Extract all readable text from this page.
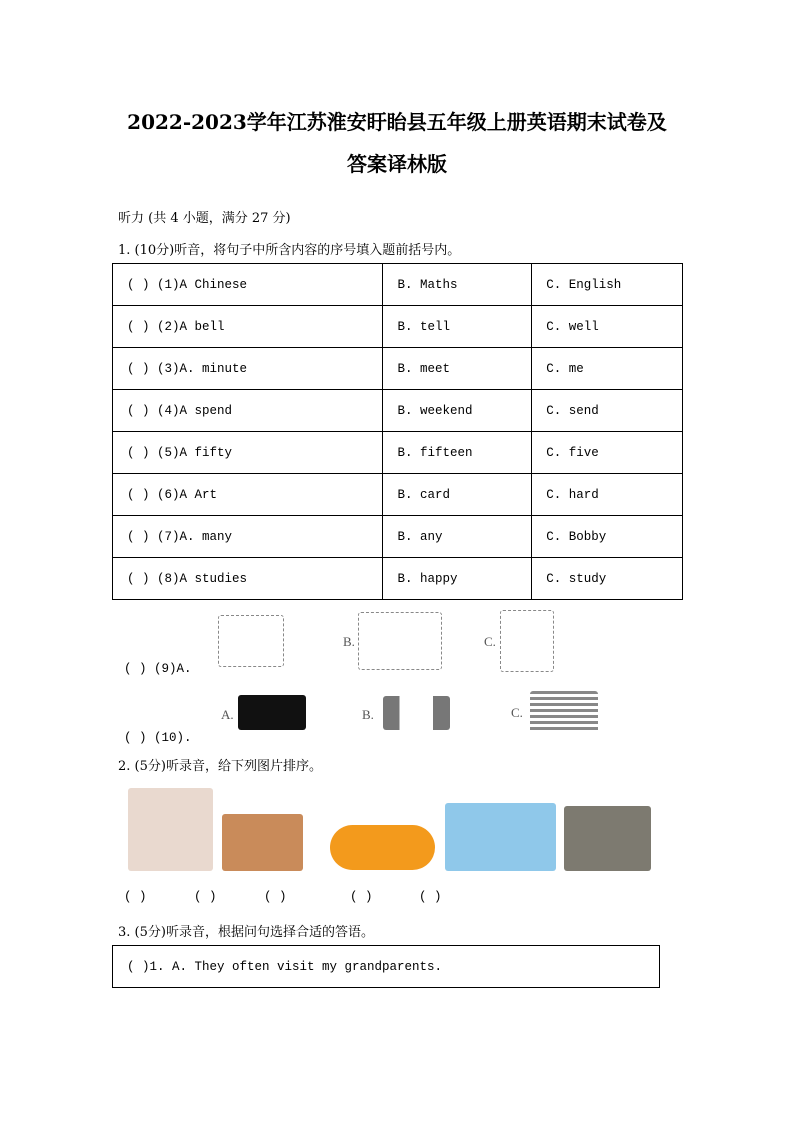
2022-2023学年江苏淮安盱眙县五年级上册英语期末试卷及
答案译林版
听力 (共 4 小题，满分 27 分)
1. (10分)听音，将句子中所含内容的序号填入题前括号内。
( ) (1)A Chinese	B. Maths	C. English
( ) (2)A bell	B. tell	C. well
( ) (3)A. minute	B. meet	C. me
( ) (4)A spend	B. weekend	C. send
( ) (5)A fifty	B. fifteen	C. five
( ) (6)A Art	B. card	C. hard
( ) (7)A. many	B. any	C. Bobby
( ) (8)A studies	B. happy	C. study
( ) (9)A.
B.	C.
( ) (10).
A.	B.	C.
2. (5分)听录音，给下列图片排序。
( )	( )	( )	( )	( )
3. (5分)听录音，根据问句选择合适的答语。
( )1. A. They often visit my grandparents.
